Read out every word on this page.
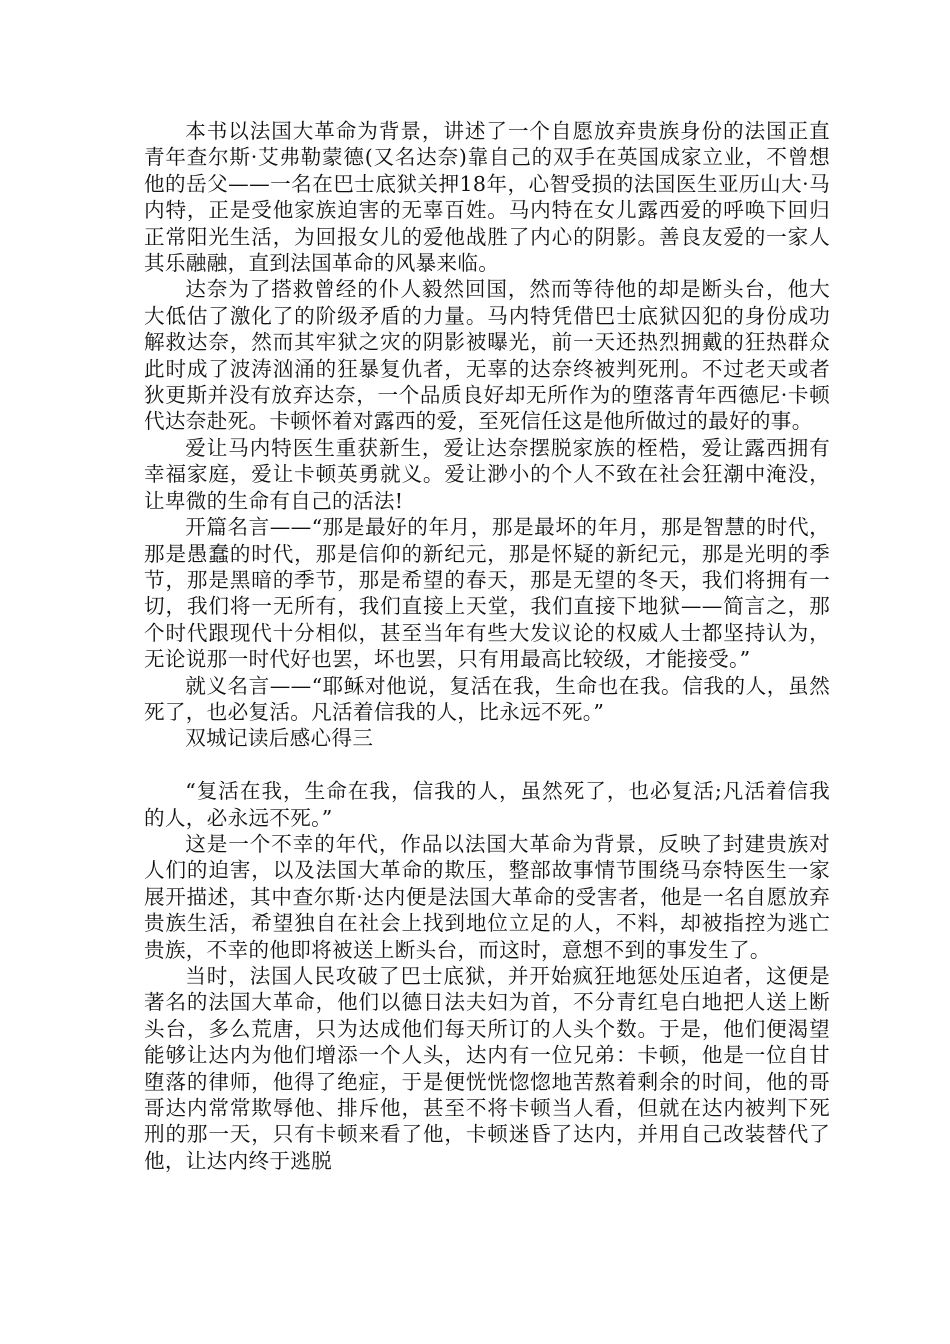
本书以法国大革命为背景，讲述了一个自愿放弃贵族身份的法国正直青年查尔斯·艾弗勒蒙德(又名达奈)靠自己的双手在英国成家立业，不曾想他的岳父——一名在巴士底狱关押18年，心智受损的法国医生亚历山大·马内特，正是受他家族迫害的无辜百姓。马内特在女儿露西爱的呼唤下回归正常阳光生活，为回报女儿的爱他战胜了内心的阴影。善良友爱的一家人其乐融融，直到法国革命的风暴来临。

达奈为了搭救曾经的仆人毅然回国，然而等待他的却是断头台，他大大低估了激化了的阶级矛盾的力量。马内特凭借巴士底狱囚犯的身份成功解救达奈，然而其牢狱之灾的阴影被曝光，前一天还热烈拥戴的狂热群众此时成了波涛汹涌的狂暴复仇者，无辜的达奈终被判死刑。不过老天或者狄更斯并没有放弃达奈，一个品质良好却无所作为的堕落青年西德尼·卡顿代达奈赴死。卡顿怀着对露西的爱，至死信任这是他所做过的最好的事。

爱让马内特医生重获新生，爱让达奈摆脱家族的桎梏，爱让露西拥有幸福家庭，爱让卡顿英勇就义。爱让渺小的个人不致在社会狂潮中淹没，让卑微的生命有自己的活法!

开篇名言——“那是最好的年月，那是最坏的年月，那是智慧的时代，那是愚蠢的时代，那是信仰的新纪元，那是怀疑的新纪元，那是光明的季节，那是黑暗的季节，那是希望的春天，那是无望的冬天，我们将拥有一切，我们将一无所有，我们直接上天堂，我们直接下地狱——简言之，那个时代跟现代十分相似，甚至当年有些大发议论的权威人士都坚持认为，无论说那一时代好也罢，坏也罢，只有用最高比较级，才能接受。”

就义名言——“耶稣对他说，复活在我，生命也在我。信我的人，虽然死了，也必复活。凡活着信我的人，比永远不死。”

双城记读后感心得三

“复活在我，生命在我，信我的人，虽然死了，也必复活;凡活着信我的人，必永远不死。”

这是一个不幸的年代，作品以法国大革命为背景，反映了封建贵族对人们的迫害，以及法国大革命的欺压，整部故事情节围绕马奈特医生一家展开描述，其中查尔斯·达内便是法国大革命的受害者，他是一名自愿放弃贵族生活，希望独自在社会上找到地位立足的人，不料，却被指控为逃亡贵族，不幸的他即将被送上断头台，而这时，意想不到的事发生了。

当时，法国人民攻破了巴士底狱，并开始疯狂地惩处压迫者，这便是著名的法国大革命，他们以德日法夫妇为首，不分青红皂白地把人送上断头台，多么荒唐，只为达成他们每天所订的人头个数。于是，他们便渴望能够让达内为他们增添一个人头，达内有一位兄弟：卡顿，他是一位自甘堕落的律师，他得了绝症，于是便恍恍惚惚地苦熬着剩余的时间，他的哥哥达内常常欺辱他、排斥他，甚至不将卡顿当人看，但就在达内被判下死刑的那一天，只有卡顿来看了他，卡顿迷昏了达内，并用自己改装替代了他，让达内终于逃脱
